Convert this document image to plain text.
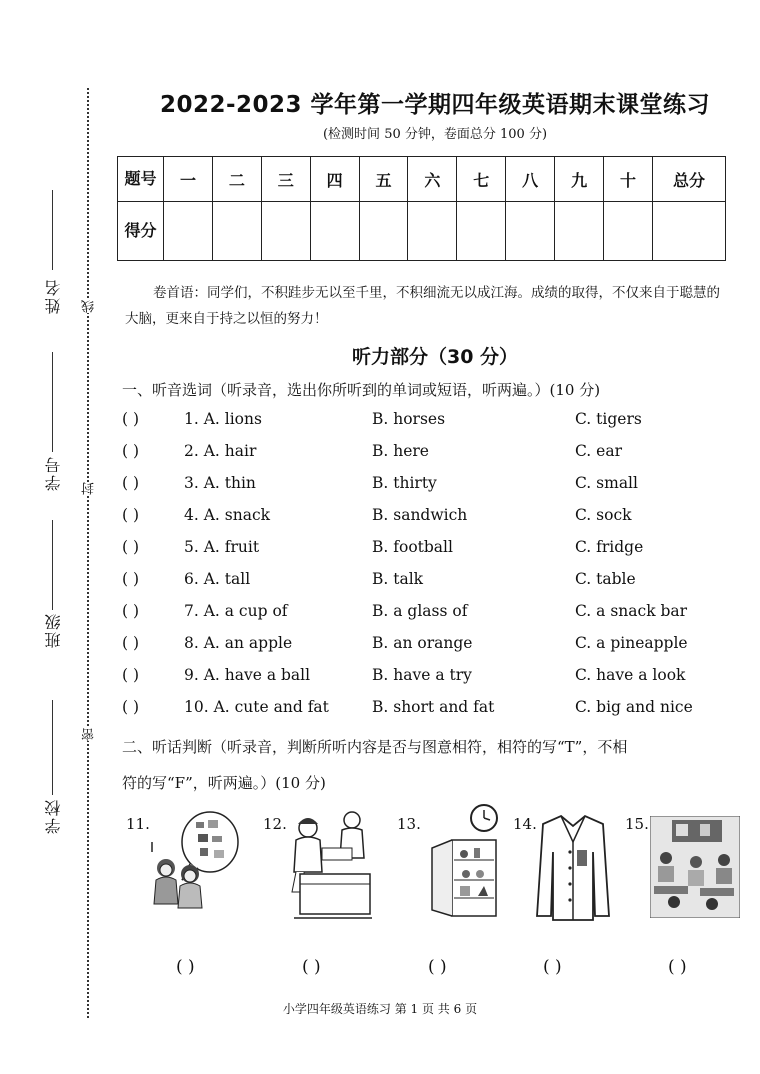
姓名
学号
班级
学校
线
封
密
2022-2023 学年第一学期四年级英语期末课堂练习
(检测时间 50 分钟，卷面总分 100 分)
题号	一	二	三	四	五	六	七	八	九	十	总分
得分											
卷首语：同学们，不积跬步无以至千里，不积细流无以成江海。成绩的取得，不仅来自于聪慧的大脑，更来自于持之以恒的努力！
听力部分（30 分）
一、听音选词（听录音，选出你所听到的单词或短语，听两遍。）(10 分)
( )	1. A. lions	B. horses	C. tigers
( )	2. A. hair	B. here	C. ear
( )	3. A. thin	B. thirty	C. small
( )	4. A. snack	B. sandwich	C. sock
( )	5. A. fruit	B. football	C. fridge
( )	6. A. tall	B. talk	C. table
( )	7. A. a cup of	B. a glass of	C. a snack bar
( )	8. A. an apple	B. an orange	C. a pineapple
( )	9. A. have a ball	B. have a try	C. have a look
( )	10. A. cute and fat	B. short and fat	C. big and nice
二、听话判断（听录音，判断所听内容是否与图意相符，相符的写“T”，不相
符的写“F”，听两遍。）(10 分)
11.
( )
12.
( )
13.
( )
14.
( )
15.
( )
小学四年级英语练习 第 1 页 共 6 页
